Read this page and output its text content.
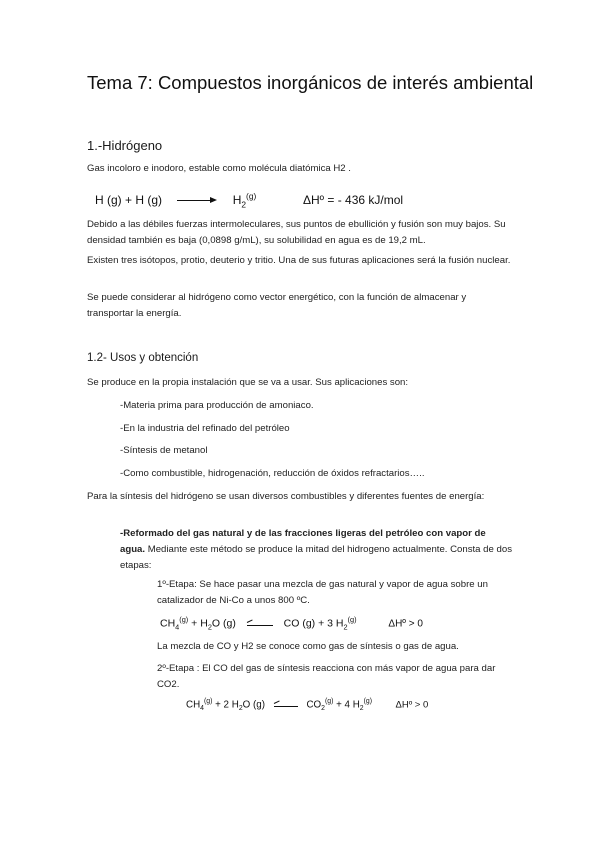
Tema 7: Compuestos inorgánicos de interés ambiental
1.-Hidrógeno
Gas incoloro e inodoro, estable como molécula diatómica H2 .
H (g) + H (g)	$H_2^{(g)}$	ΔHº = - 436 kJ/mol
Debido a las débiles fuerzas intermoleculares, sus puntos de ebullición y fusión son muy bajos. Su densidad también es baja (0,0898 g/mL), su solubilidad en agua es de 19,2 mL.
Existen tres isótopos, protio, deuterio y tritio. Una de sus futuras aplicaciones será la fusión nuclear.
Se puede considerar al hidrógeno como vector energético, con la función de almacenar y transportar la energía.
1.2- Usos y obtención
Se produce en la propia instalación que se va a usar. Sus aplicaciones son:
-Materia prima para producción de amoniaco.
-En la industria del refinado del petróleo
-Síntesis de metanol
-Como combustible, hidrogenación, reducción de óxidos refractarios…..
Para la síntesis del hidrógeno se usan diversos combustibles y diferentes fuentes de energía:
-Reformado del gas natural y de las fracciones ligeras del petróleo con vapor de agua. Mediante este método se produce la mitad del hidrogeno actualmente. Consta de dos etapas:
1º-Etapa: Se hace pasar una mezcla de gas natural y vapor de agua sobre un catalizador de Ni-Co a unos 800 ºC.
$CH_4^{(g)} + H_2O$ (g)	CO (g) + 3 $H_2^{(g)}$	ΔHº > 0
La mezcla de CO y H2 se conoce como gas de síntesis o gas de agua.
2º-Etapa : El CO del gas de síntesis reacciona con más vapor de agua para dar CO2.
$CH_4^{(g)} + 2$ $H_2O$ (g)	$CO_2^{(g)} + 4$ $H_2^{(g)}$ ΔHº > 0
